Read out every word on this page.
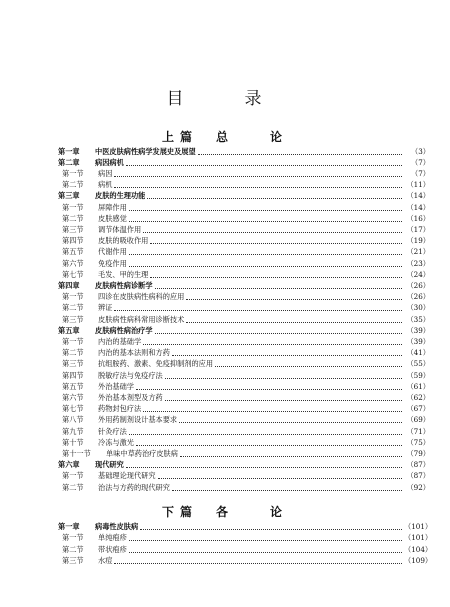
目　录
上篇　总　　论
第一章	中医皮肤病性病学发展史及展望	（3）
第二章	病因病机	（7）
第一节	病因	（7）
第二节	病机	（11）
第三章	皮肤的生理功能	（14）
第一节	屏障作用	（14）
第二节	皮肤感觉	（16）
第三节	调节体温作用	（17）
第四节	皮肤的吸收作用	（19）
第五节	代谢作用	（21）
第六节	免疫作用	（23）
第七节	毛发、甲的生理	（24）
第四章	皮肤病性病诊断学	（26）
第一节	四诊在皮肤病性病科的应用	（26）
第二节	辨证	（30）
第三节	皮肤病性病科常用诊断技术	（35）
第五章	皮肤病性病治疗学	（39）
第一节	内治的基础学	（39）
第二节	内治的基本法则和方药	（41）
第三节	抗组胺药、激素、免疫抑制剂的应用	（55）
第四节	脱敏疗法与免疫疗法	（59）
第五节	外治基础学	（61）
第六节	外治基本剂型及方药	（62）
第七节	药物封包疗法	（67）
第八节	外用药制剂设计基本要求	（69）
第九节	针灸疗法	（71）
第十节	冷冻与激光	（75）
第十一节	单味中草药治疗皮肤病	（79）
第六章	现代研究	（87）
第一节	基础理论现代研究	（87）
第二节	治法与方药的现代研究	（92）
下篇　各　　论
第一章	病毒性皮肤病	（101）
第一节	单纯疱疹	（101）
第二节	带状疱疹	（104）
第三节	水痘	（109）
